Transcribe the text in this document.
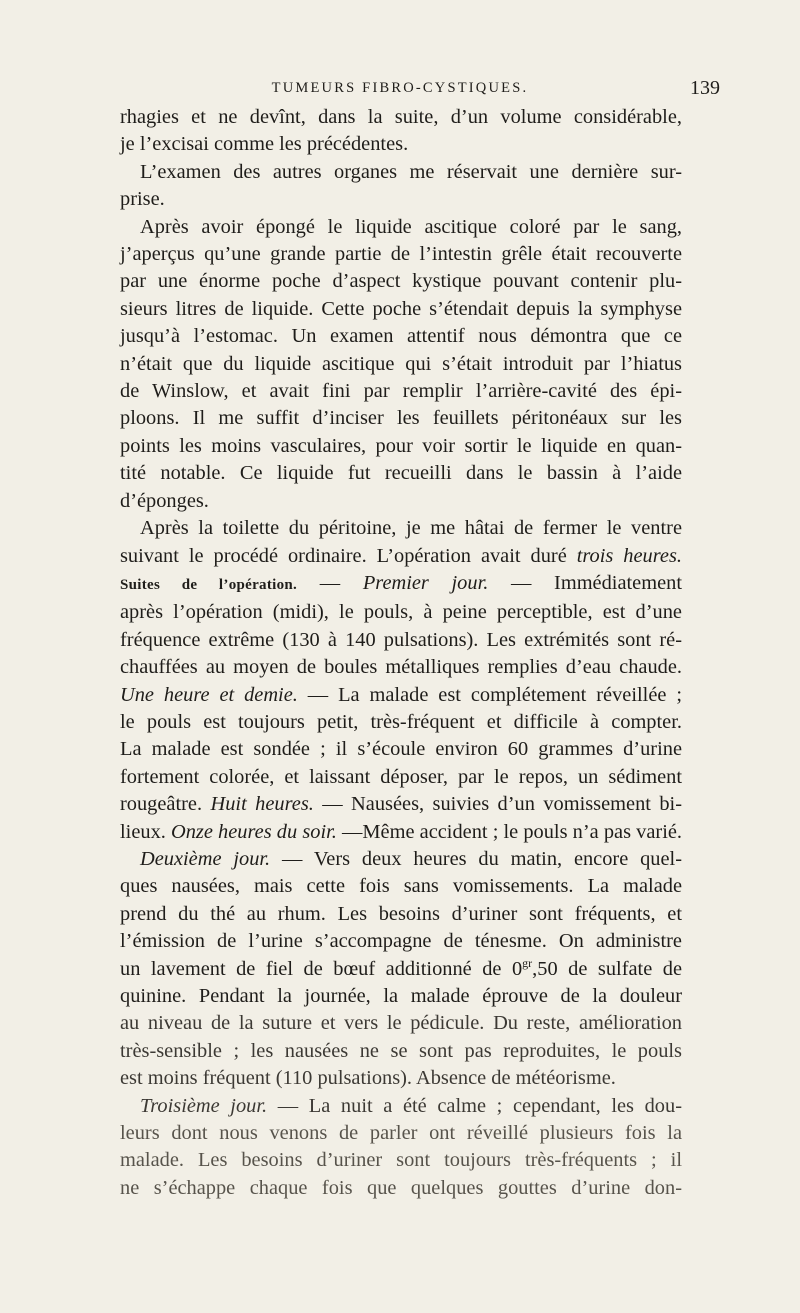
TUMEURS FIBRO-CYSTIQUES.	139
rhagies et ne devînt, dans la suite, d’un volume considérable,
je l’excisai comme les précédentes.
L’examen des autres organes me réservait une dernière sur-
prise.
Après avoir épongé le liquide ascitique coloré par le sang,
j’aperçus qu’une grande partie de l’intestin grêle était recouverte
par une énorme poche d’aspect kystique pouvant contenir plu-
sieurs litres de liquide. Cette poche s’étendait depuis la symphyse
jusqu’à l’estomac. Un examen attentif nous démontra que ce
n’était que du liquide ascitique qui s’était introduit par l’hiatus
de Winslow, et avait fini par remplir l’arrière-cavité des épi-
ploons. Il me suffit d’inciser les feuillets péritonéaux sur les
points les moins vasculaires, pour voir sortir le liquide en quan-
tité notable. Ce liquide fut recueilli dans le bassin à l’aide
d’éponges.
Après la toilette du péritoine, je me hâtai de fermer le ventre
suivant le procédé ordinaire. L’opération avait duré trois heures.
Suites de l’opération. — Premier jour. — Immédiatement
après l’opération (midi), le pouls, à peine perceptible, est d’une
fréquence extrême (130 à 140 pulsations). Les extrémités sont ré-
chauffées au moyen de boules métalliques remplies d’eau chaude.
Une heure et demie. — La malade est complétement réveillée ;
le pouls est toujours petit, très-fréquent et difficile à compter.
La malade est sondée ; il s’écoule environ 60 grammes d’urine
fortement colorée, et laissant déposer, par le repos, un sédiment
rougeâtre. Huit heures. — Nausées, suivies d’un vomissement bi-
lieux. Onze heures du soir. —Même accident ; le pouls n’a pas varié.
Deuxième jour. — Vers deux heures du matin, encore quel-
ques nausées, mais cette fois sans vomissements. La malade
prend du thé au rhum. Les besoins d’uriner sont fréquents, et
l’émission de l’urine s’accompagne de ténesme. On administre
un lavement de fiel de bœuf additionné de $0^{gr},50$ de sulfate de
quinine. Pendant la journée, la malade éprouve de la douleur
au niveau de la suture et vers le pédicule. Du reste, amélioration
très-sensible ; les nausées ne se sont pas reproduites, le pouls
est moins fréquent (110 pulsations). Absence de météorisme.
Troisième jour. — La nuit a été calme ; cependant, les dou-
leurs dont nous venons de parler ont réveillé plusieurs fois la
malade. Les besoins d’uriner sont toujours très-fréquents ; il
ne s’échappe chaque fois que quelques gouttes d’urine don-
